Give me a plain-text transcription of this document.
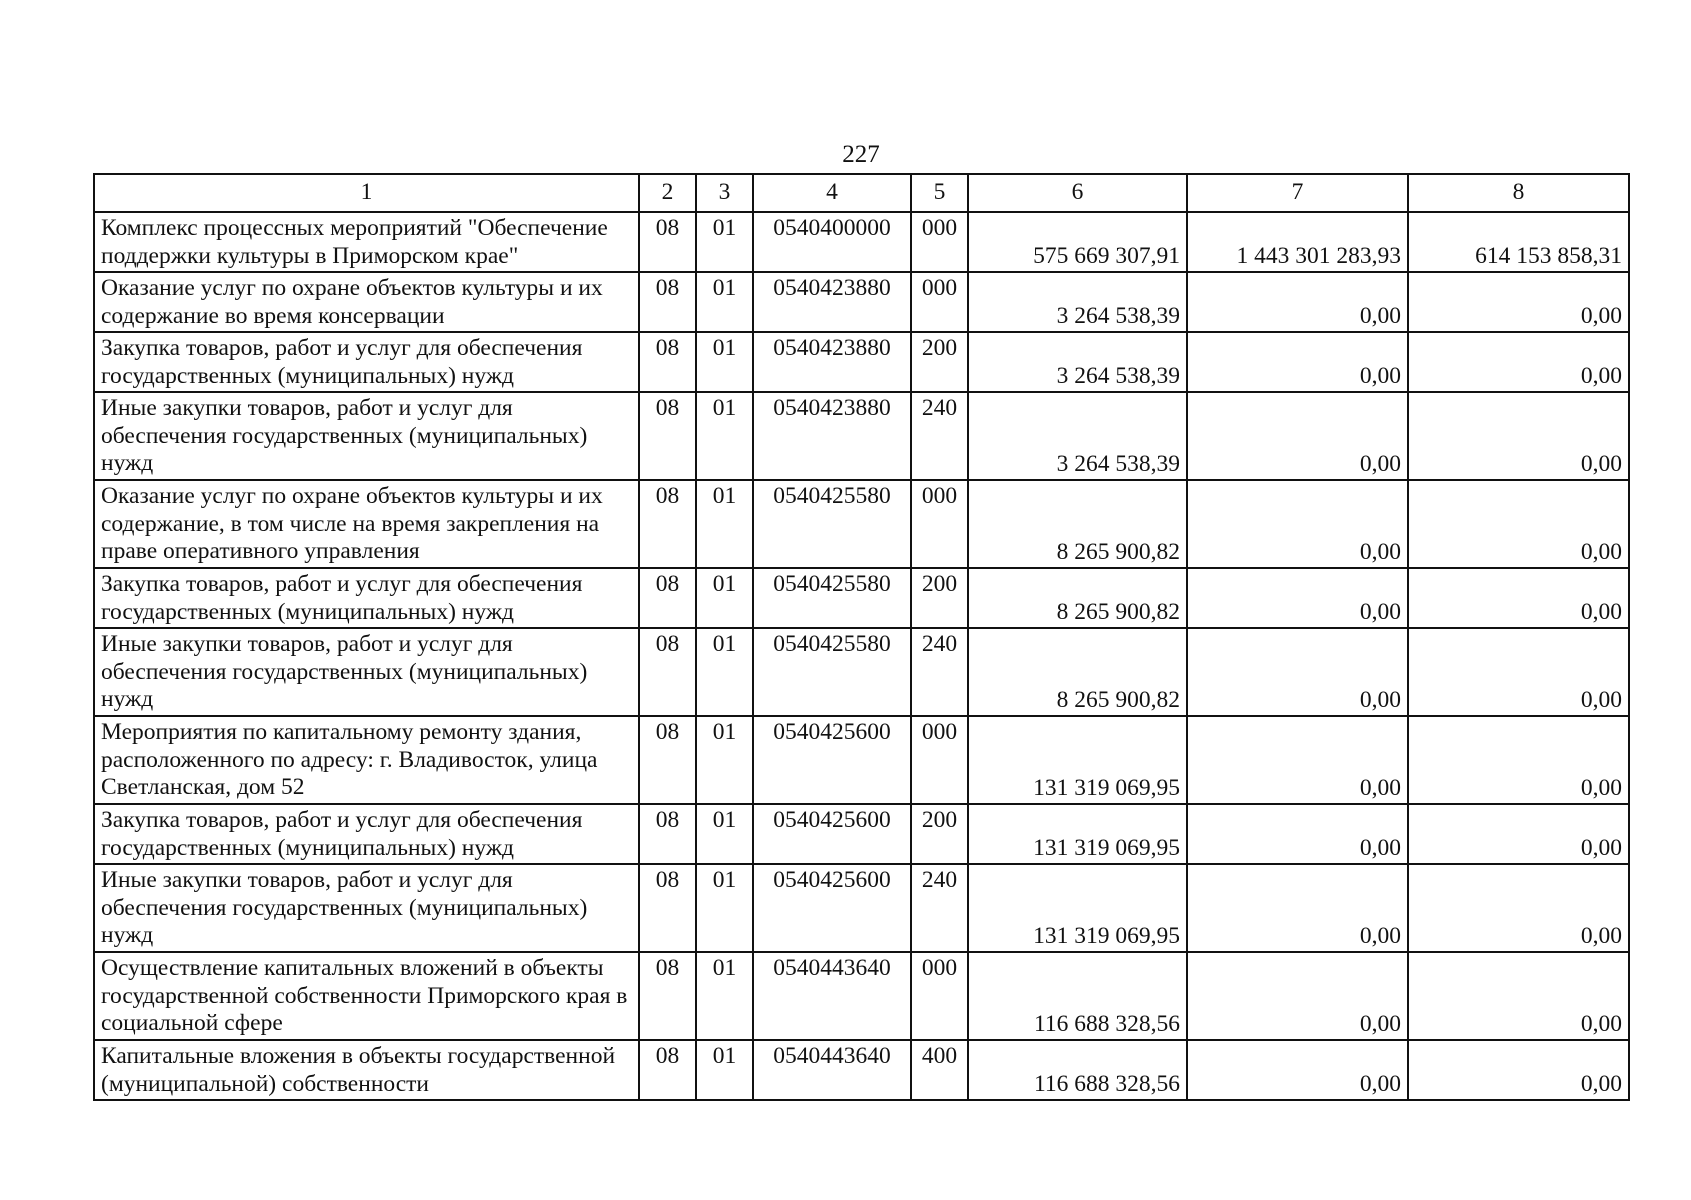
227
1	2	3	4	5	6	7	8
Комплекс процессных мероприятий "Обеспечение поддержки культуры в Приморском крае"	08	01	0540400000	000	575 669 307,91	1 443 301 283,93	614 153 858,31
Оказание услуг по охране объектов культуры и их содержание во время консервации	08	01	0540423880	000	3 264 538,39	0,00	0,00
Закупка товаров, работ и услуг для обеспечения государственных (муниципальных) нужд	08	01	0540423880	200	3 264 538,39	0,00	0,00
Иные закупки товаров, работ и услуг для обеспечения государственных (муниципальных) нужд	08	01	0540423880	240	3 264 538,39	0,00	0,00
Оказание услуг по охране объектов культуры и их содержание, в том числе на время закрепления на праве оперативного управления	08	01	0540425580	000	8 265 900,82	0,00	0,00
Закупка товаров, работ и услуг для обеспечения государственных (муниципальных) нужд	08	01	0540425580	200	8 265 900,82	0,00	0,00
Иные закупки товаров, работ и услуг для обеспечения государственных (муниципальных) нужд	08	01	0540425580	240	8 265 900,82	0,00	0,00
Мероприятия по капитальному ремонту здания, расположенного по адресу: г. Владивосток, улица Светланская, дом 52	08	01	0540425600	000	131 319 069,95	0,00	0,00
Закупка товаров, работ и услуг для обеспечения государственных (муниципальных) нужд	08	01	0540425600	200	131 319 069,95	0,00	0,00
Иные закупки товаров, работ и услуг для обеспечения государственных (муниципальных) нужд	08	01	0540425600	240	131 319 069,95	0,00	0,00
Осуществление капитальных вложений в объекты государственной собственности Приморского края в социальной сфере	08	01	0540443640	000	116 688 328,56	0,00	0,00
Капитальные вложения в объекты государственной (муниципальной) собственности	08	01	0540443640	400	116 688 328,56	0,00	0,00
